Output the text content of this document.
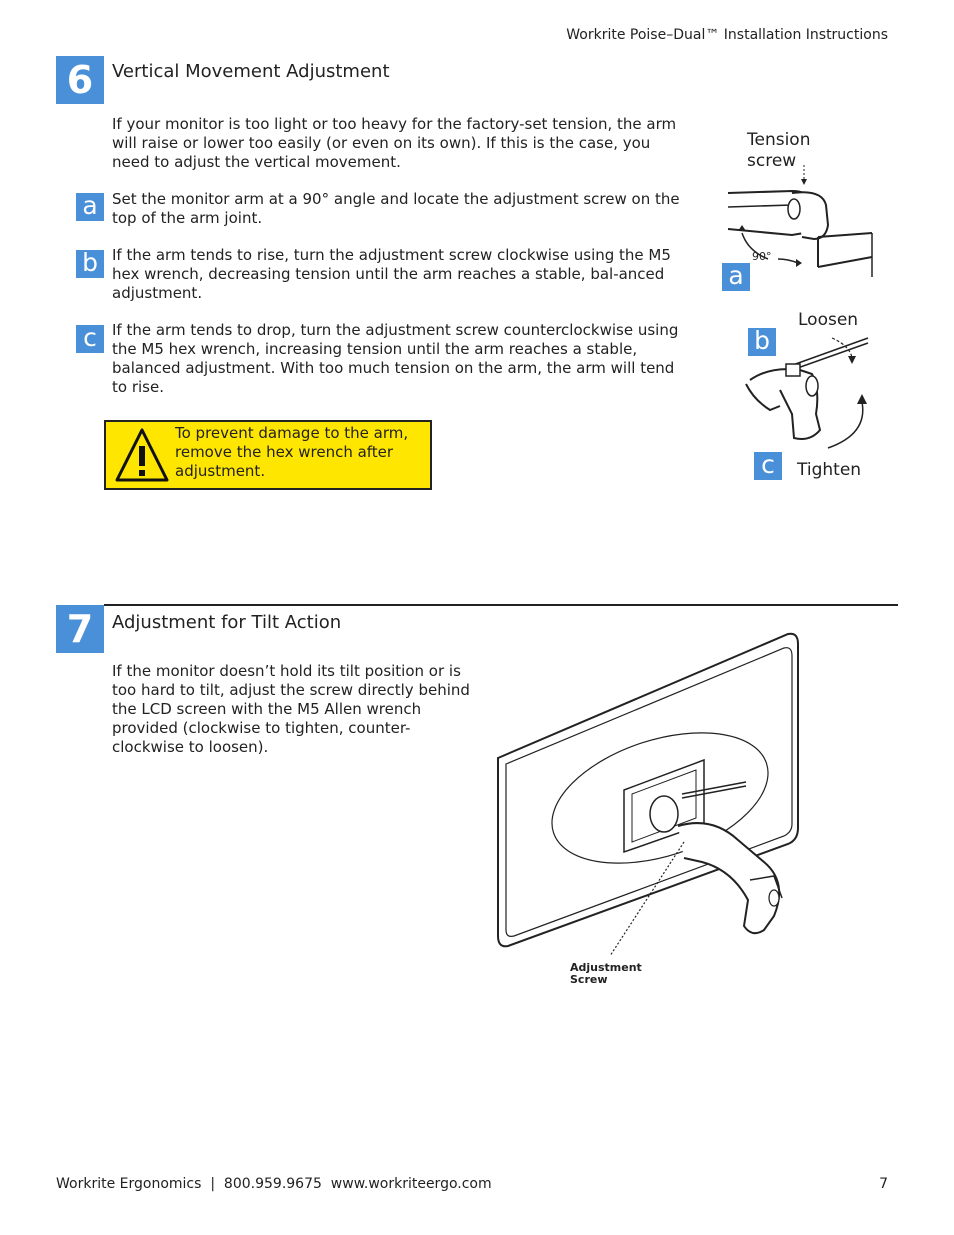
Workrite Poise–Dual™ Installation Instructions
6	Vertical Movement Adjustment
If your monitor is too light or too heavy for the factory-set tension, the arm will raise or lower too easily (or even on its own). If this is the case, you need to adjust the vertical movement.
a Set the monitor arm at a 90° angle and locate the adjustment screw on the top of the arm joint.
b If the arm tends to rise, turn the adjustment screw clockwise using the M5 hex wrench, decreasing tension until the arm reaches a stable, bal-anced adjustment.
c	If the arm tends to drop, turn the adjustment screw counterclockwise using the M5 hex wrench, increasing tension until the arm reaches a stable, balanced adjustment. With too much tension on the arm, the arm will tend to rise.
To prevent damage to the arm, remove the hex wrench after adjustment.
Tension
screw
90°
a
Loosen
b
c	Tighten
7	Adjustment for Tilt Action
If the monitor doesn’t hold its tilt position or is too hard to tilt, adjust the screw directly behind the LCD screen with the M5 Allen wrench provided (clockwise to tighten, counter-clockwise to loosen).
Adjustment
Screw
Workrite Ergonomics  |  800.959.9675  www.workriteergo.com	7
